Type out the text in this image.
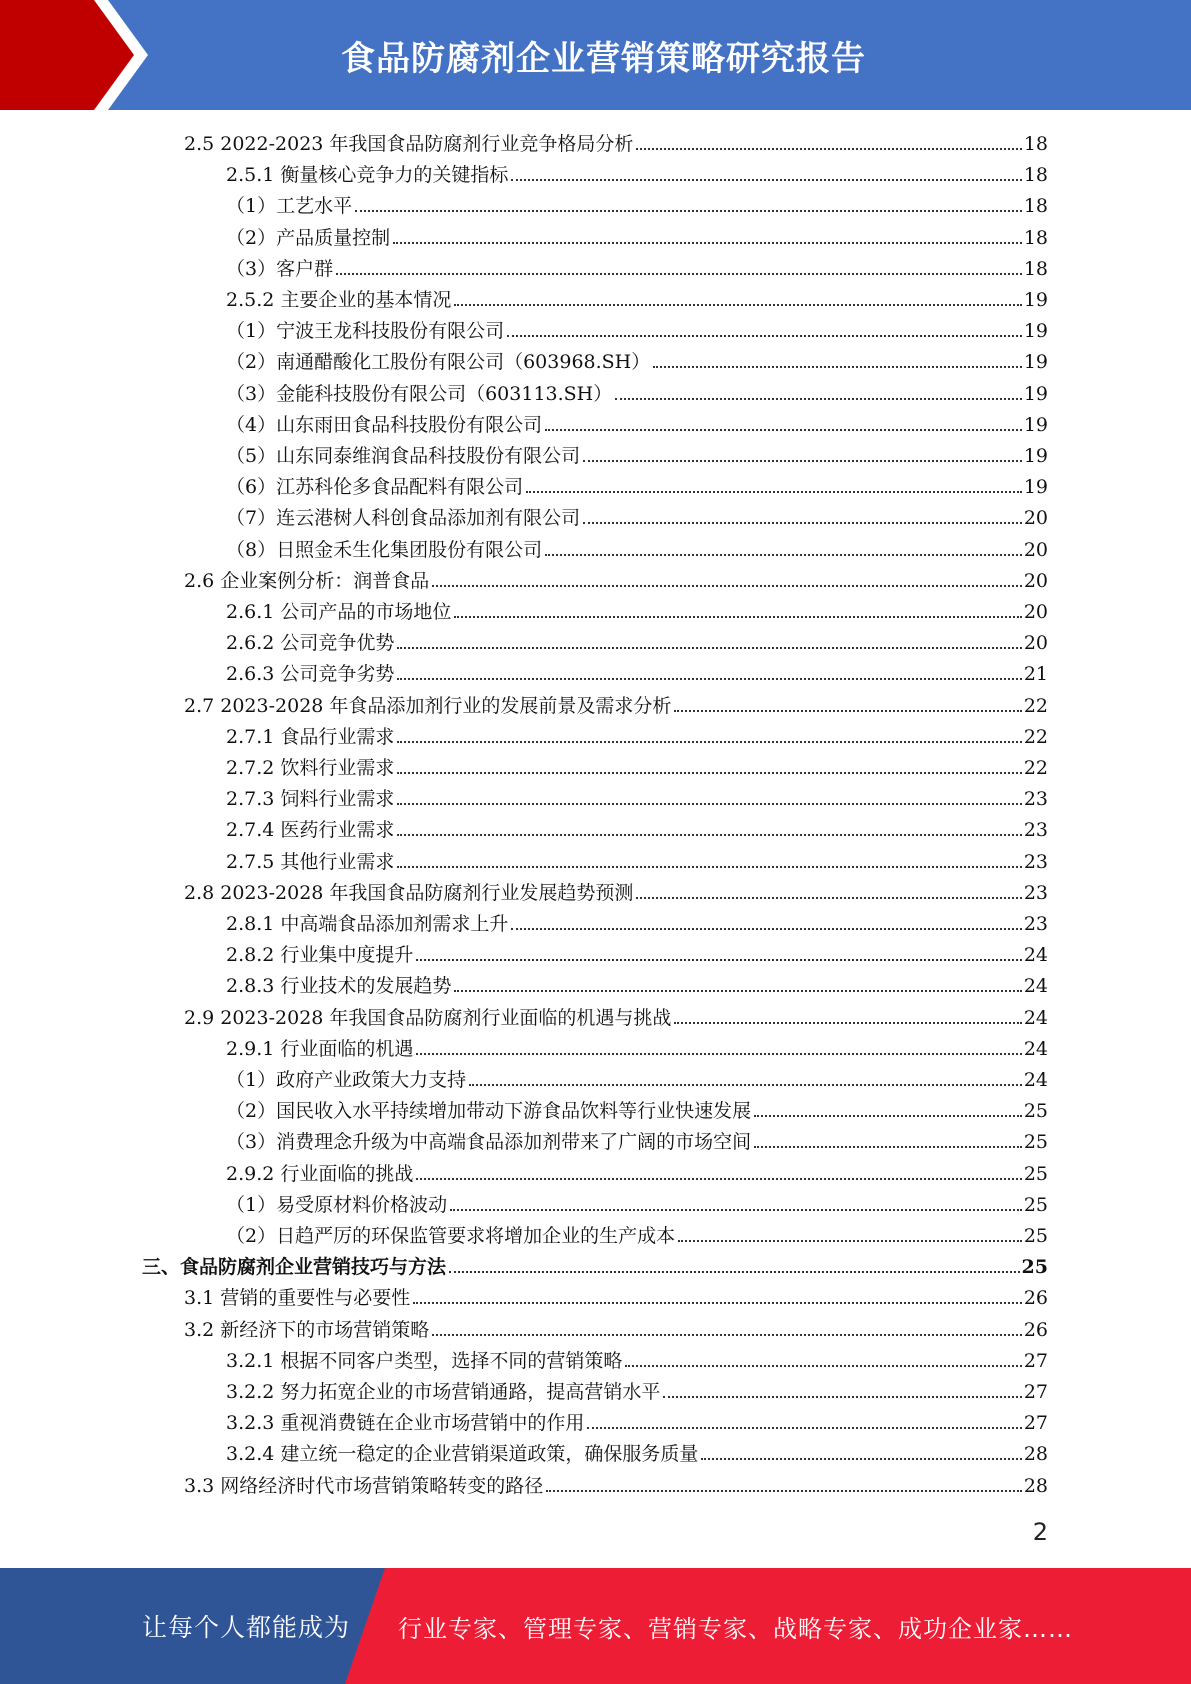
食品防腐剂企业营销策略研究报告
2.5 2022-2023 年我国食品防腐剂行业竞争格局分析	18
2.5.1 衡量核心竞争力的关键指标	18
（1）工艺水平	18
（2）产品质量控制	18
（3）客户群	18
2.5.2 主要企业的基本情况	19
（1）宁波王龙科技股份有限公司	19
（2）南通醋酸化工股份有限公司（603968.SH）	19
（3）金能科技股份有限公司（603113.SH）	19
（4）山东雨田食品科技股份有限公司	19
（5）山东同泰维润食品科技股份有限公司	19
（6）江苏科伦多食品配料有限公司	19
（7）连云港树人科创食品添加剂有限公司	20
（8）日照金禾生化集团股份有限公司	20
2.6 企业案例分析：润普食品	20
2.6.1 公司产品的市场地位	20
2.6.2 公司竞争优势	20
2.6.3 公司竞争劣势	21
2.7 2023-2028 年食品添加剂行业的发展前景及需求分析	22
2.7.1 食品行业需求	22
2.7.2 饮料行业需求	22
2.7.3 饲料行业需求	23
2.7.4 医药行业需求	23
2.7.5 其他行业需求	23
2.8 2023-2028 年我国食品防腐剂行业发展趋势预测	23
2.8.1 中高端食品添加剂需求上升	23
2.8.2 行业集中度提升	24
2.8.3 行业技术的发展趋势	24
2.9 2023-2028 年我国食品防腐剂行业面临的机遇与挑战	24
2.9.1 行业面临的机遇	24
（1）政府产业政策大力支持	24
（2）国民收入水平持续增加带动下游食品饮料等行业快速发展	25
（3）消费理念升级为中高端食品添加剂带来了广阔的市场空间	25
2.9.2 行业面临的挑战	25
（1）易受原材料价格波动	25
（2）日趋严厉的环保监管要求将增加企业的生产成本	25
三、食品防腐剂企业营销技巧与方法	25
3.1 营销的重要性与必要性	26
3.2 新经济下的市场营销策略	26
3.2.1 根据不同客户类型，选择不同的营销策略	27
3.2.2 努力拓宽企业的市场营销通路，提高营销水平	27
3.2.3 重视消费链在企业市场营销中的作用	27
3.2.4 建立统一稳定的企业营销渠道政策，确保服务质量	28
3.3 网络经济时代市场营销策略转变的路径	28
2
让每个人都能成为 行业专家、管理专家、营销专家、战略专家、成功企业家……
